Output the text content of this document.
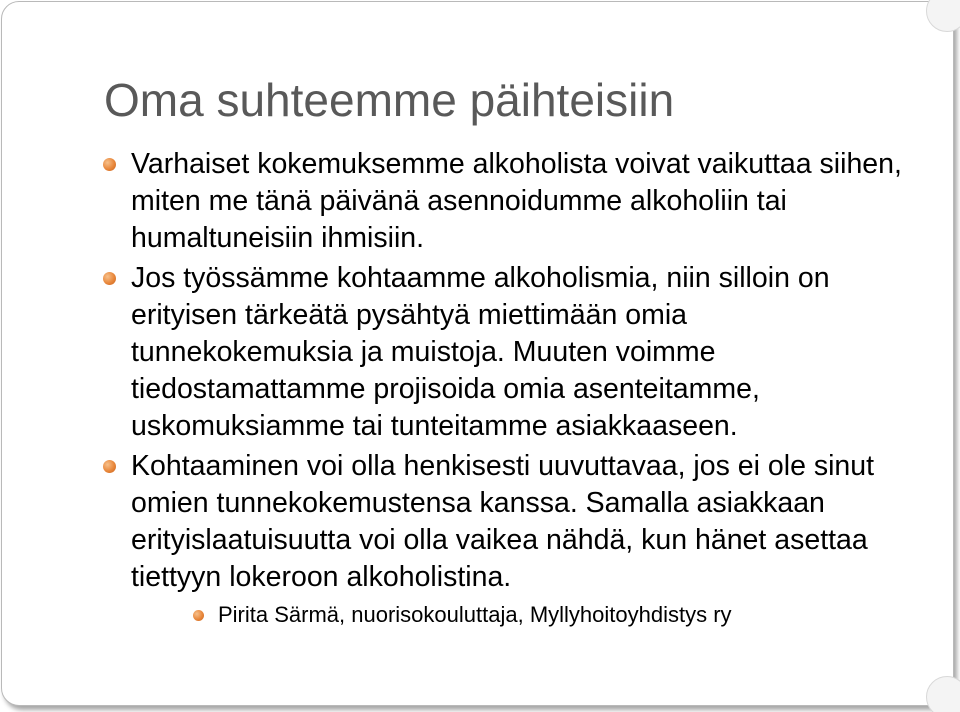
Oma suhteemme päihteisiin
Varhaiset kokemuksemme alkoholista voivat vaikuttaa siihen, miten me tänä päivänä asennoidumme alkoholiin tai humaltuneisiin ihmisiin.
Jos työssämme kohtaamme alkoholismia, niin silloin on erityisen tärkeätä pysähtyä miettimään omia tunnekokemuksia ja muistoja. Muuten voimme tiedostamattamme projisoida omia asenteitamme, uskomuksiamme tai tunteitamme asiakkaaseen.
Kohtaaminen voi olla henkisesti uuvuttavaa, jos ei ole sinut omien tunnekokemustensa kanssa. Samalla asiakkaan erityislaatuisuutta voi olla vaikea nähdä, kun hänet asettaa tiettyyn lokeroon alkoholistina.
Pirita Särmä, nuorisokouluttaja, Myllyhoitoyhdistys ry
